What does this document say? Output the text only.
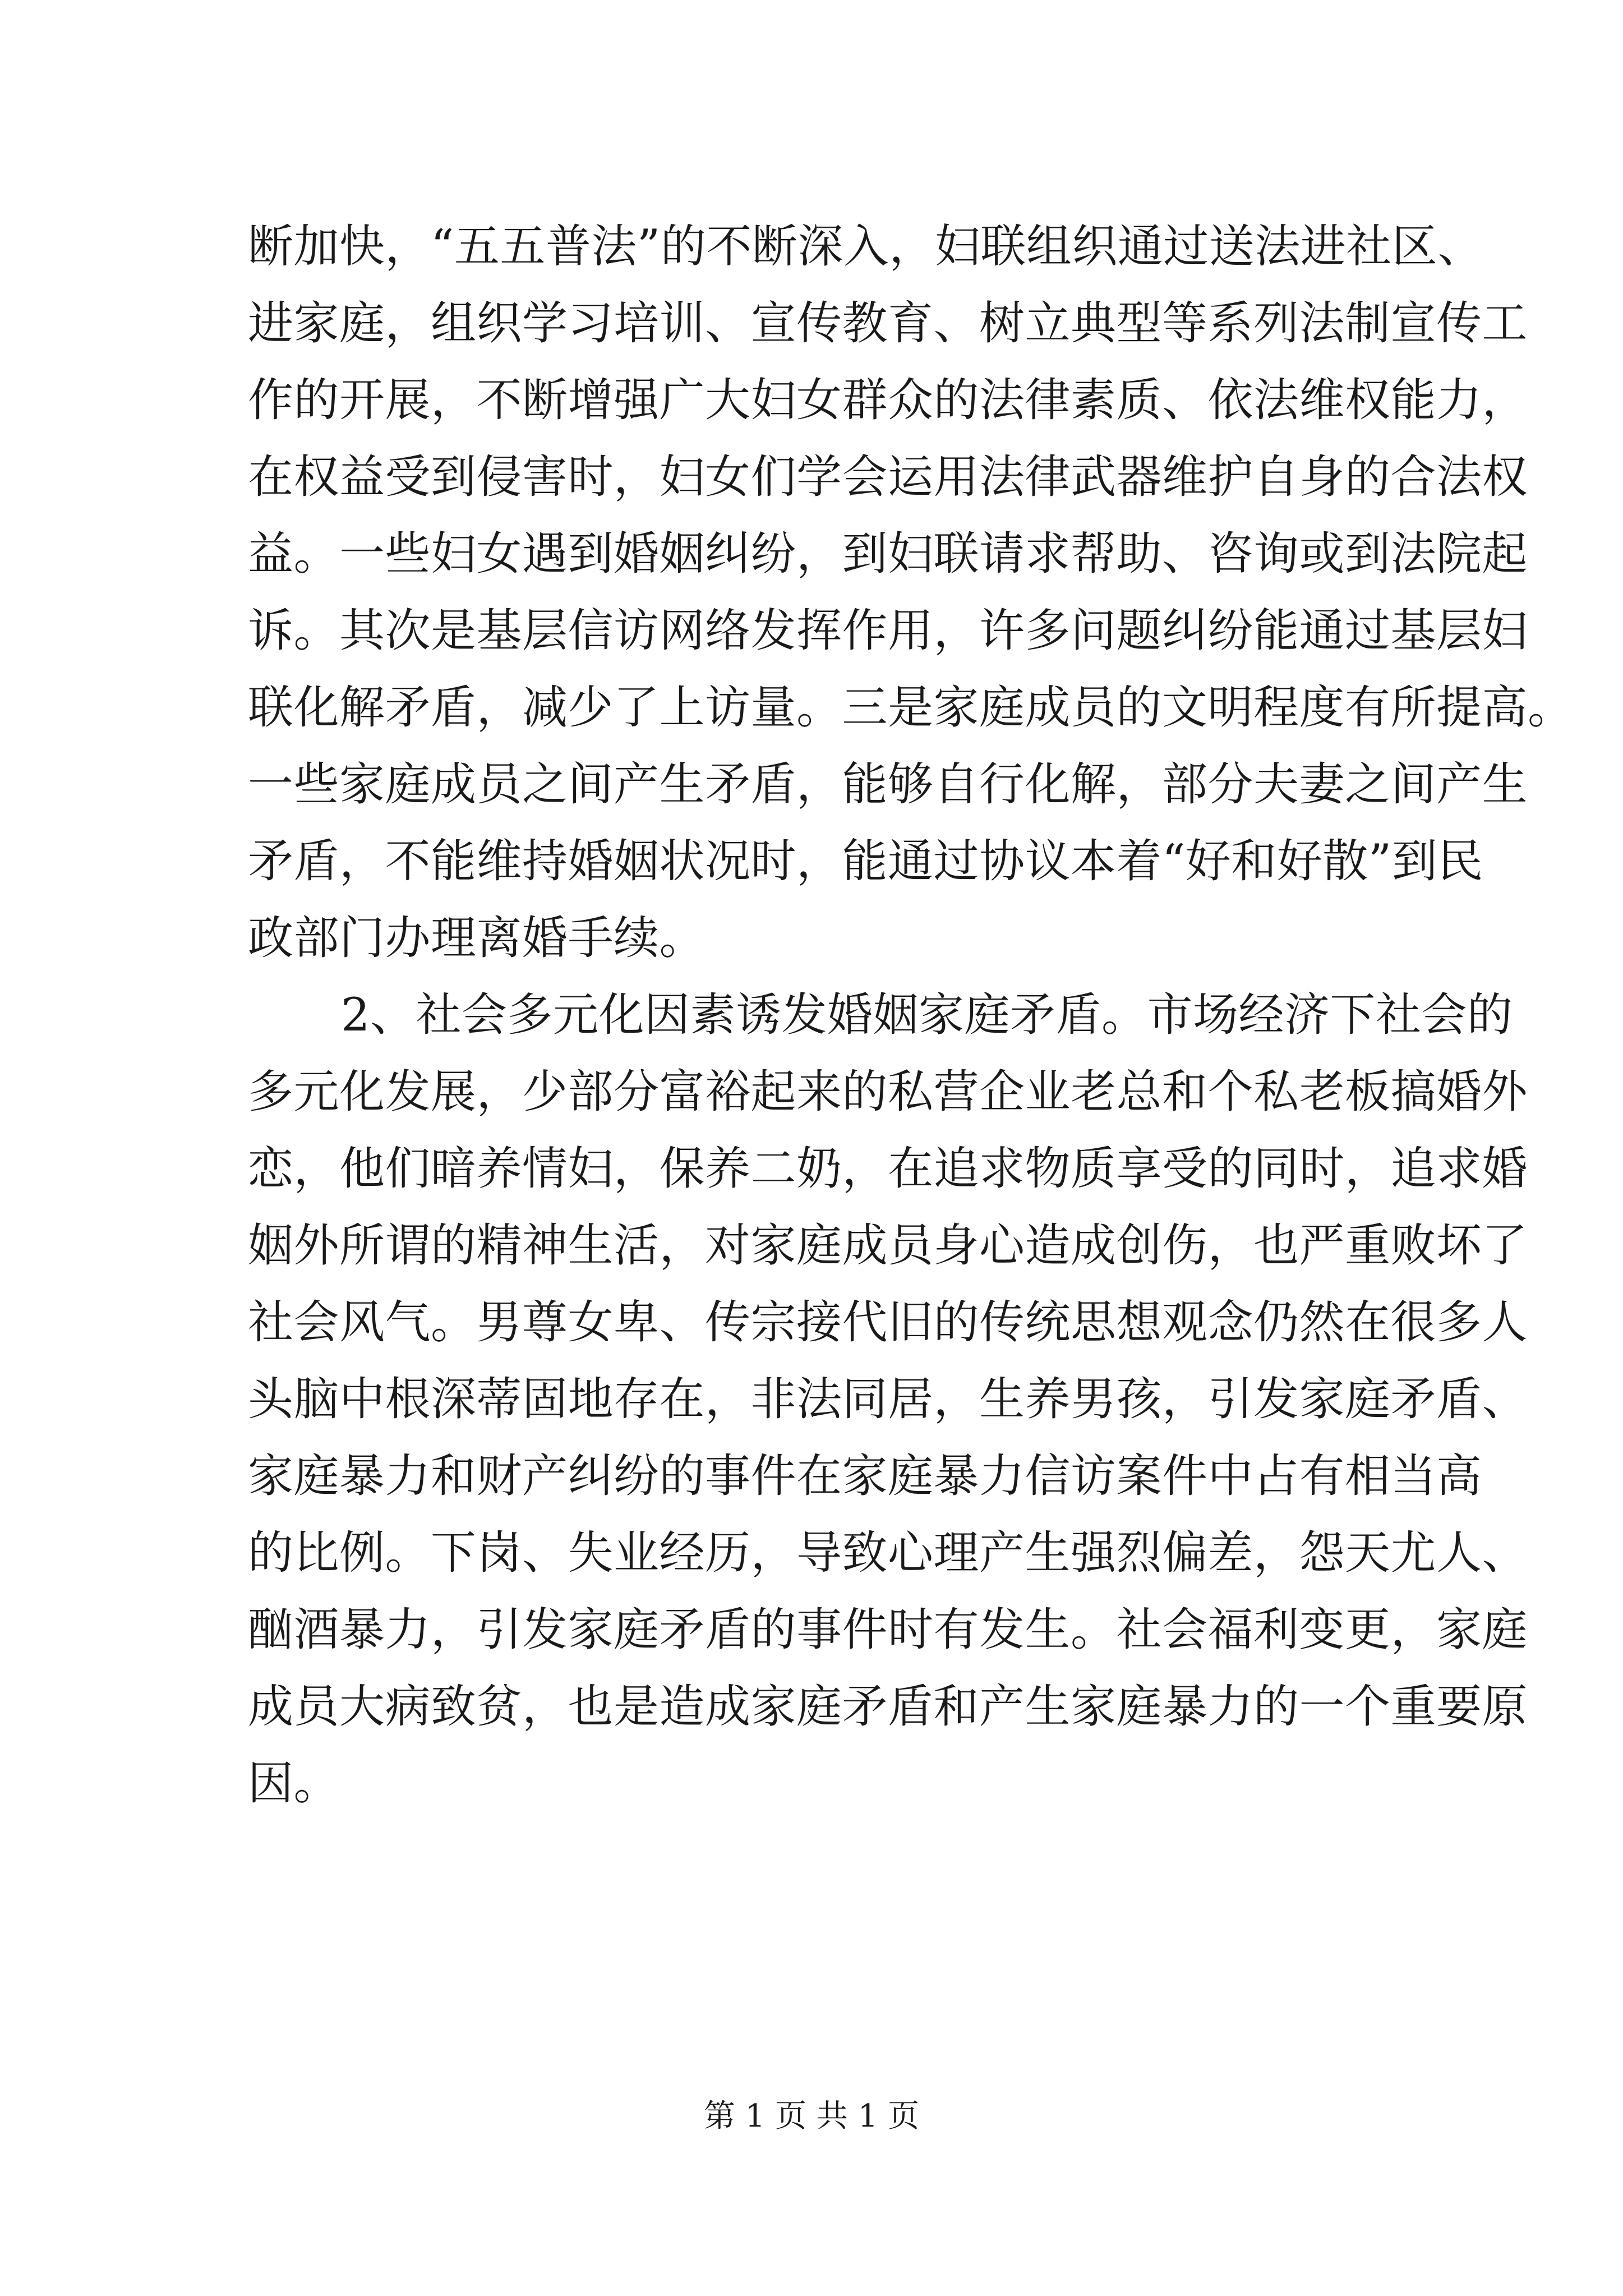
断加快，“五五普法”的不断深入，妇联组织通过送法进社区、
进家庭，组织学习培训、宣传教育、树立典型等系列法制宣传工
作的开展，不断增强广大妇女群众的法律素质、依法维权能力，
在权益受到侵害时，妇女们学会运用法律武器维护自身的合法权
益。一些妇女遇到婚姻纠纷，到妇联请求帮助、咨询或到法院起
诉。其次是基层信访网络发挥作用，许多问题纠纷能通过基层妇
联化解矛盾，减少了上访量。三是家庭成员的文明程度有所提高。
一些家庭成员之间产生矛盾，能够自行化解，部分夫妻之间产生
矛盾，不能维持婚姻状况时，能通过协议本着“好和好散”到民
政部门办理离婚手续。
2、社会多元化因素诱发婚姻家庭矛盾。市场经济下社会的
多元化发展，少部分富裕起来的私营企业老总和个私老板搞婚外
恋，他们暗养情妇，保养二奶，在追求物质享受的同时，追求婚
姻外所谓的精神生活，对家庭成员身心造成创伤，也严重败坏了
社会风气。男尊女卑、传宗接代旧的传统思想观念仍然在很多人
头脑中根深蒂固地存在，非法同居，生养男孩，引发家庭矛盾、
家庭暴力和财产纠纷的事件在家庭暴力信访案件中占有相当高
的比例。下岗、失业经历，导致心理产生强烈偏差，怨天尤人、
酗酒暴力，引发家庭矛盾的事件时有发生。社会福利变更，家庭
成员大病致贫，也是造成家庭矛盾和产生家庭暴力的一个重要原
因。
第 1 页 共 1 页
